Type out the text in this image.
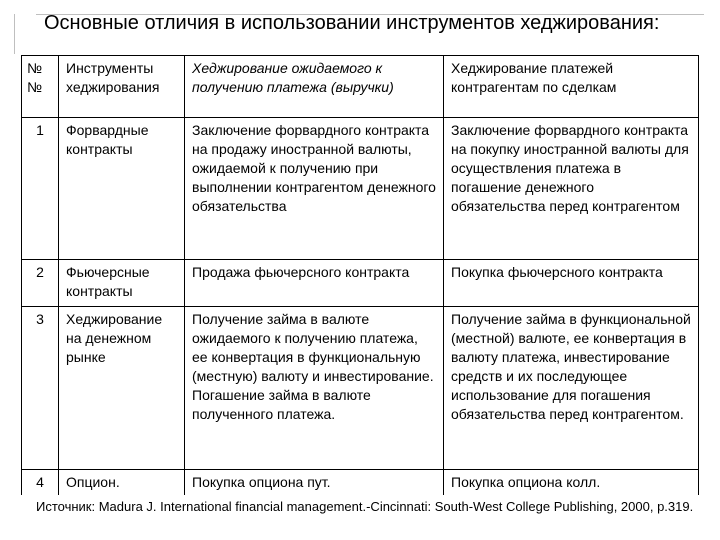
Основные отличия в использовании инструментов хеджирования:
№ №	Инструменты хеджирования	Хеджирование ожидаемого к получению платежа (выручки)	Хеджирование платежей контрагентам по сделкам
1	Форвардные контракты	Заключение форвардного контракта на продажу иностранной валюты, ожидаемой к получению при выполнении контрагентом денежного обязательства	Заключение форвардного контракта на покупку иностранной валюты для осуществления платежа в погашение денежного обязательства перед контрагентом
2	Фьючерсные контракты	Продажа фьючерсного контракта	Покупка фьючерсного контракта
3	Хеджирование на денежном рынке	Получение займа в валюте ожидаемого к получению платежа, ее конвертация в функциональную (местную) валюту и инвестирование. Погашение займа в валюте полученного платежа.	Получение займа в функциональной (местной) валюте, ее конвертация в валюту платежа, инвестирование средств и их последующее использование для погашения обязательства перед контрагентом.
4	Опцион.	Покупка опциона пут.	Покупка опциона колл.
Источник: Madura J. International financial management.-Cincinnati: South-West College Publishing, 2000, p.319.
